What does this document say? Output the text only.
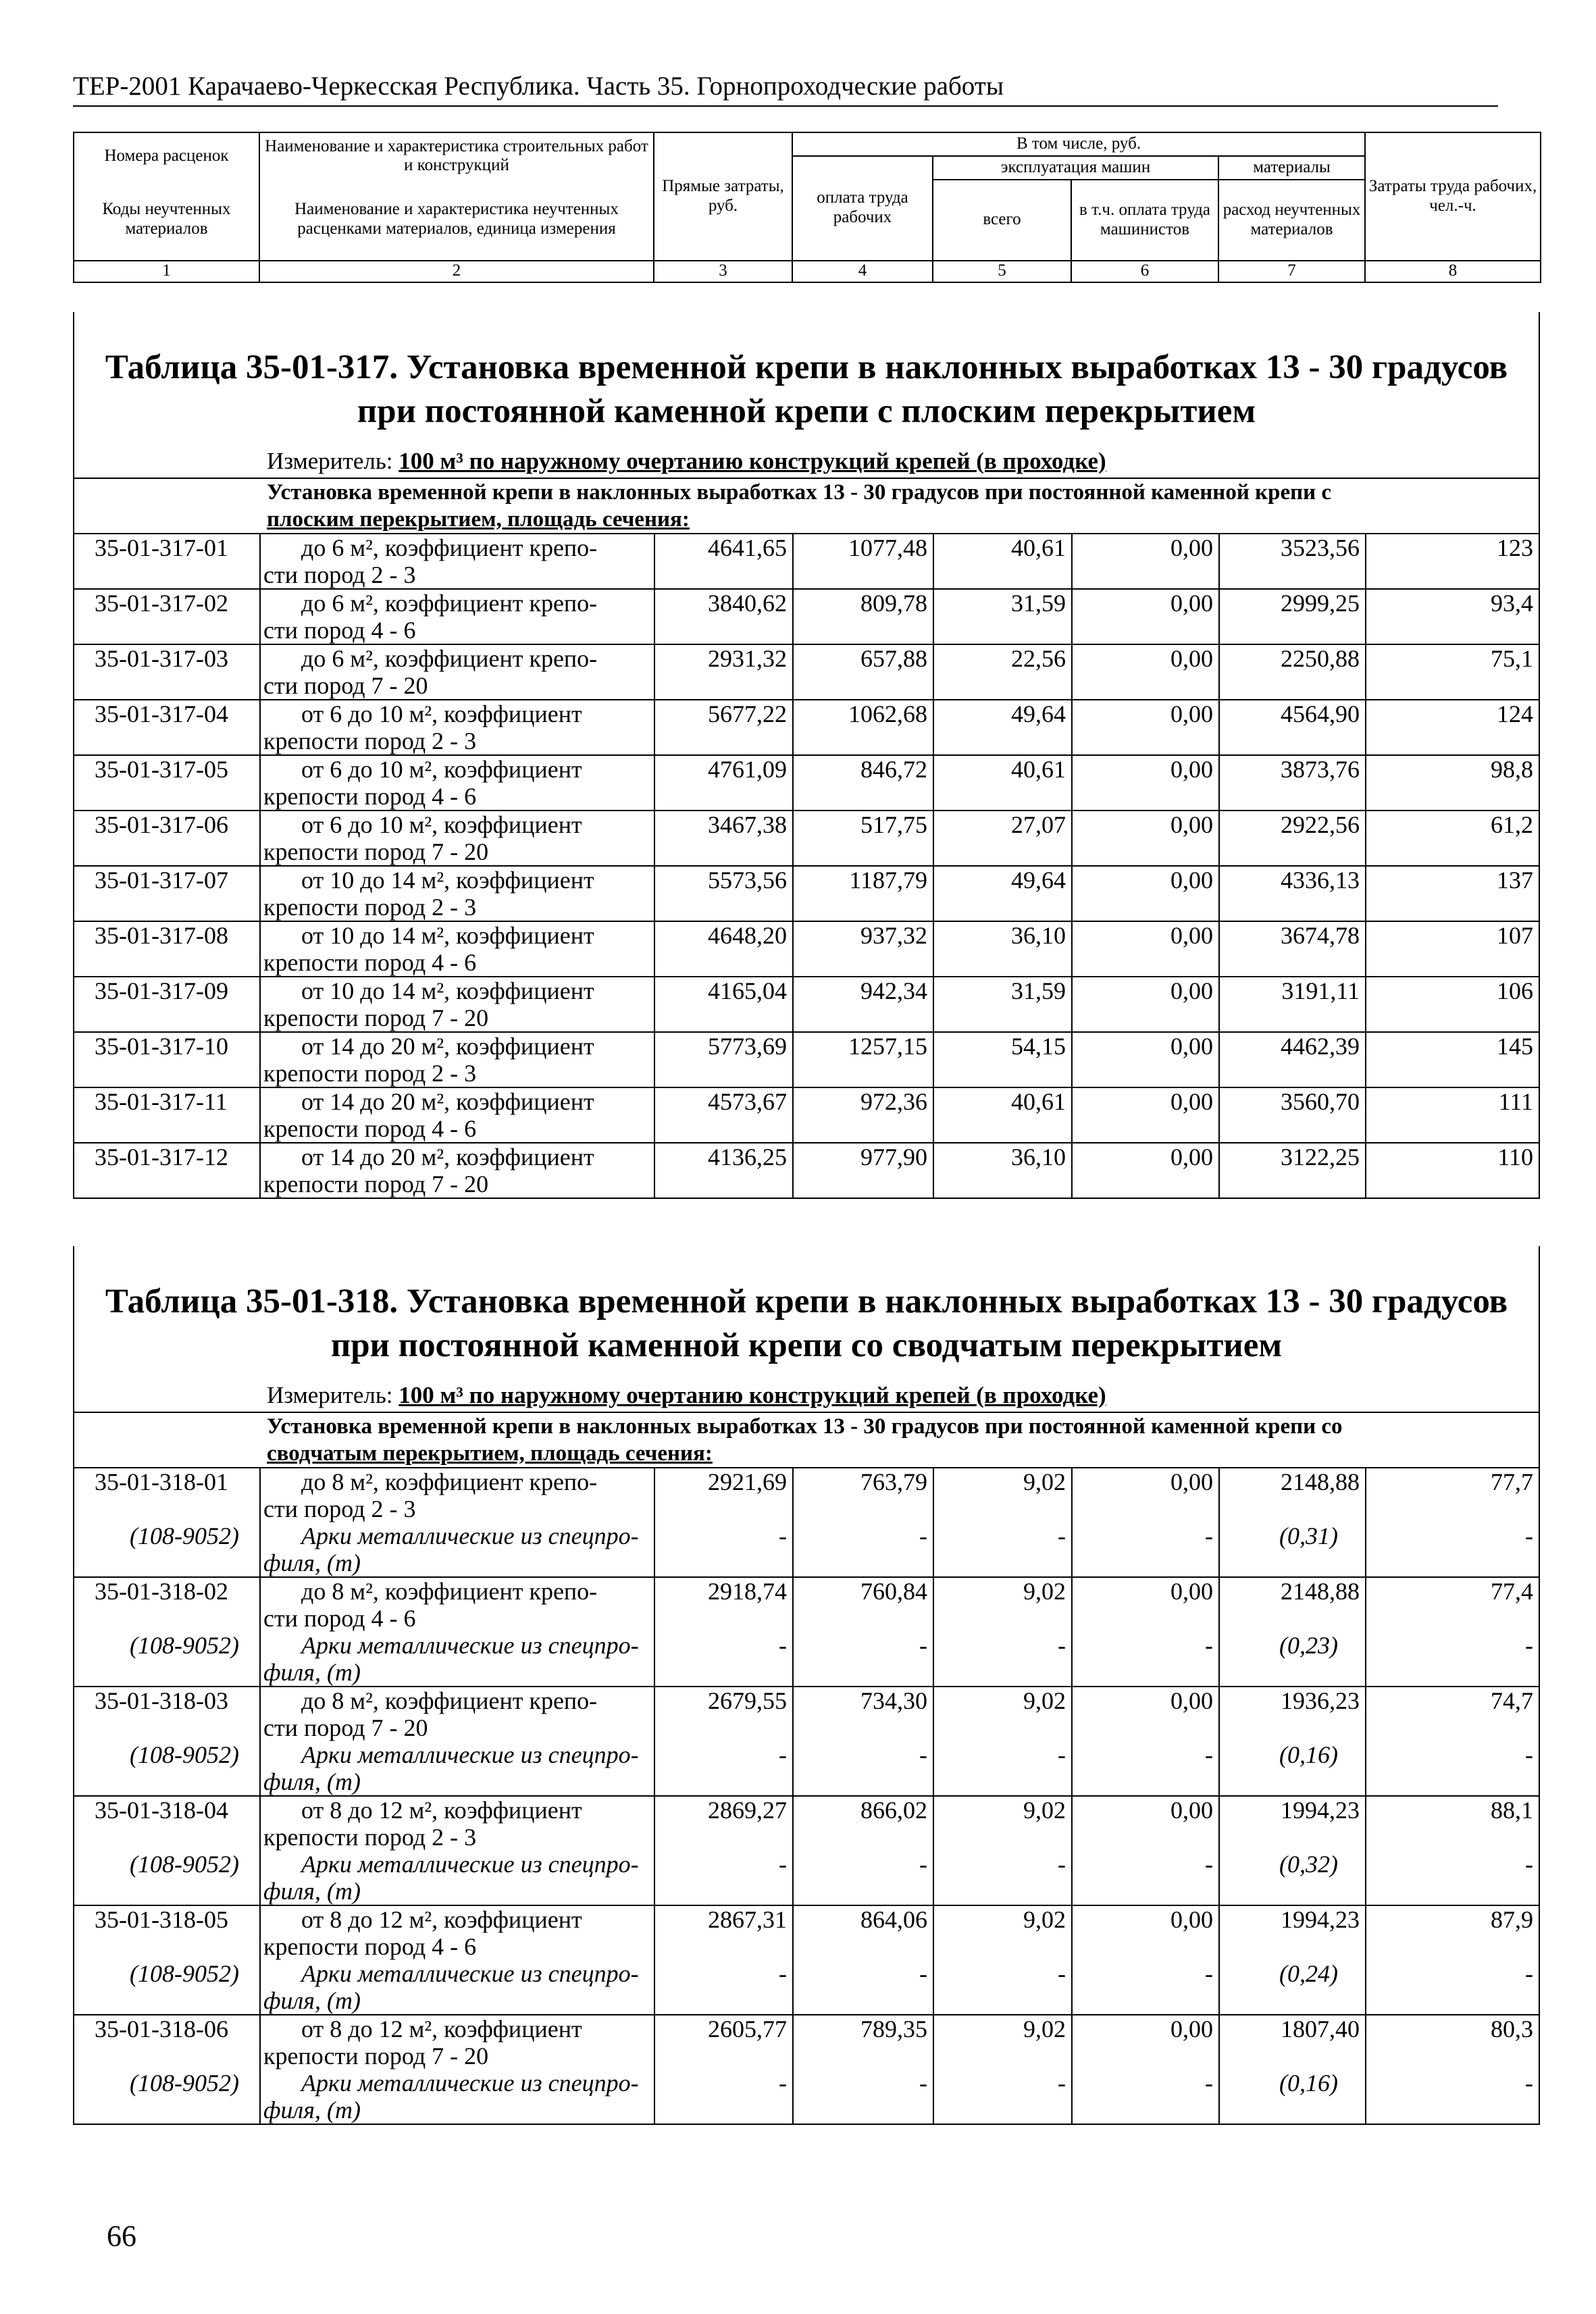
ТЕР-2001 Карачаево-Черкесская Республика. Часть 35. Горнопроходческие работы
Номера расценок	Наименование и характеристика строительных работ и конструкций	Прямые затраты, руб.	В том числе, руб.				Затраты труда рабочих, чел.-ч.
			оплата труда рабочих	эксплуатация машин		материалы	
Коды неучтенных материалов	Наименование и характеристика неучтенных расценками материалов, единица измерения			всего	в т.ч. оплата труда машинистов	расход неучтенных материалов	

1	2	3	4	5	6	7	8
Таблица 35-01-317. Установка временной крепи в наклонных выработках 13 - 30 градусов
при постоянной каменной крепи с плоским перекрытием
Измеритель: 100 м³ по наружному очертанию конструкций крепей (в проходке)
Установка временной крепи в наклонных выработках 13 - 30 градусов при постоянной каменной крепи с
плоским перекрытием, площадь сечения:
35-01-317-01	до 6 м², коэффициент крепо-
сти пород 2 - 3	4641,65	1077,48	40,61	0,00	3523,56	123
35-01-317-02	до 6 м², коэффициент крепо-
сти пород 4 - 6	3840,62	809,78	31,59	0,00	2999,25	93,4
35-01-317-03	до 6 м², коэффициент крепо-
сти пород 7 - 20	2931,32	657,88	22,56	0,00	2250,88	75,1
35-01-317-04	от 6 до 10 м², коэффициент
крепости пород 2 - 3	5677,22	1062,68	49,64	0,00	4564,90	124
35-01-317-05	от 6 до 10 м², коэффициент
крепости пород 4 - 6	4761,09	846,72	40,61	0,00	3873,76	98,8
35-01-317-06	от 6 до 10 м², коэффициент
крепости пород 7 - 20	3467,38	517,75	27,07	0,00	2922,56	61,2
35-01-317-07	от 10 до 14 м², коэффициент
крепости пород 2 - 3	5573,56	1187,79	49,64	0,00	4336,13	137
35-01-317-08	от 10 до 14 м², коэффициент
крепости пород 4 - 6	4648,20	937,32	36,10	0,00	3674,78	107
35-01-317-09	от 10 до 14 м², коэффициент
крепости пород 7 - 20	4165,04	942,34	31,59	0,00	3191,11	106
35-01-317-10	от 14 до 20 м², коэффициент
крепости пород 2 - 3	5773,69	1257,15	54,15	0,00	4462,39	145
35-01-317-11	от 14 до 20 м², коэффициент
крепости пород 4 - 6	4573,67	972,36	40,61	0,00	3560,70	111
35-01-317-12	от 14 до 20 м², коэффициент
крепости пород 7 - 20	4136,25	977,90	36,10	0,00	3122,25	110
Таблица 35-01-318. Установка временной крепи в наклонных выработках 13 - 30 градусов
при постоянной каменной крепи со сводчатым перекрытием
Измеритель: 100 м³ по наружному очертанию конструкций крепей (в проходке)
Установка временной крепи в наклонных выработках 13 - 30 градусов при постоянной каменной крепи со
сводчатым перекрытием, площадь сечения:
35-01-318-01	до 8 м², коэффициент крепо-
сти пород 2 - 3	2921,69	763,79	9,02	0,00	2148,88	77,7
(108-9052)	Арки металлические из спецпро-
филя, (т)	-	-	-	-	(0,31)	-
35-01-318-02	до 8 м², коэффициент крепо-
сти пород 4 - 6	2918,74	760,84	9,02	0,00	2148,88	77,4
(108-9052)	Арки металлические из спецпро-
филя, (т)	-	-	-	-	(0,23)	-
35-01-318-03	до 8 м², коэффициент крепо-
сти пород 7 - 20	2679,55	734,30	9,02	0,00	1936,23	74,7
(108-9052)	Арки металлические из спецпро-
филя, (т)	-	-	-	-	(0,16)	-
35-01-318-04	от 8 до 12 м², коэффициент
крепости пород 2 - 3	2869,27	866,02	9,02	0,00	1994,23	88,1
(108-9052)	Арки металлические из спецпро-
филя, (т)	-	-	-	-	(0,32)	-
35-01-318-05	от 8 до 12 м², коэффициент
крепости пород 4 - 6	2867,31	864,06	9,02	0,00	1994,23	87,9
(108-9052)	Арки металлические из спецпро-
филя, (т)	-	-	-	-	(0,24)	-
35-01-318-06	от 8 до 12 м², коэффициент
крепости пород 7 - 20	2605,77	789,35	9,02	0,00	1807,40	80,3
(108-9052)	Арки металлические из спецпро-
филя, (т)	-	-	-	-	(0,16)	-
66
